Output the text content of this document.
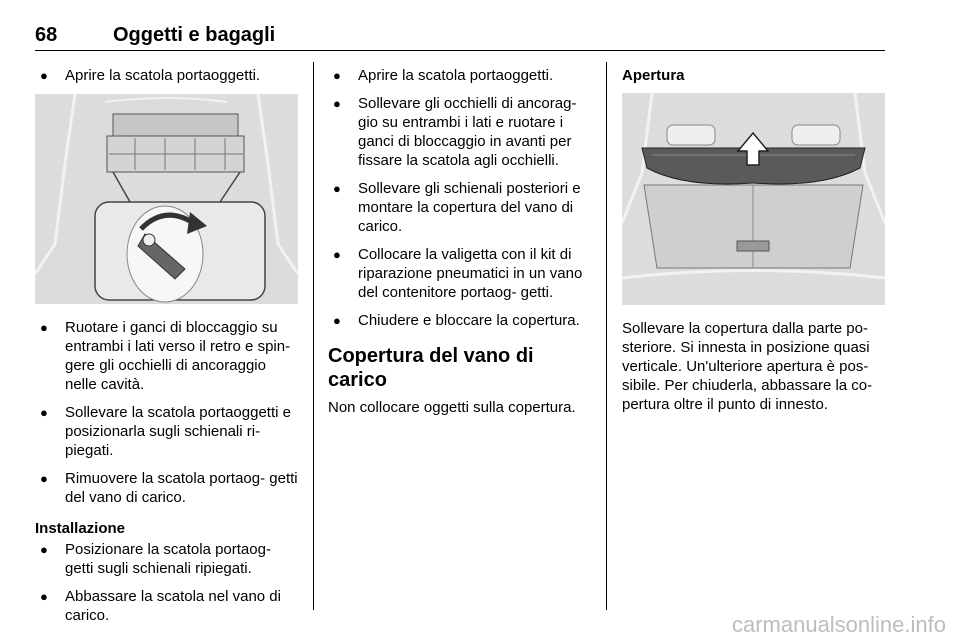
68	Oggetti e bagagli
● Aprire la scatola portaoggetti.
● Ruotare i ganci di bloccaggio su entrambi i lati verso il retro e spin- gere gli occhielli di ancoraggio nelle cavità.
● Sollevare la scatola portaoggetti e posizionarla sugli schienali ri- piegati.
● Rimuovere la scatola portaog- getti del vano di carico.
Installazione
● Posizionare la scatola portaog- getti sugli schienali ripiegati.
● Abbassare la scatola nel vano di carico.
● Aprire la scatola portaoggetti.
● Sollevare gli occhielli di ancorag- gio su entrambi i lati e ruotare i ganci di bloccaggio in avanti per fissare la scatola agli occhielli.
● Sollevare gli schienali posteriori e montare la copertura del vano di carico.
● Collocare la valigetta con il kit di riparazione pneumatici in un vano del contenitore portaog- getti.
● Chiudere e bloccare la copertura.
Copertura del vano di carico

Non collocare oggetti sulla copertura.

Apertura

Sollevare la copertura dalla parte po- steriore. Si innesta in posizione quasi verticale. Un'ulteriore apertura è pos- sibile. Per chiuderla, abbassare la co- pertura oltre il punto di innesto.

carmanualsonline.info
